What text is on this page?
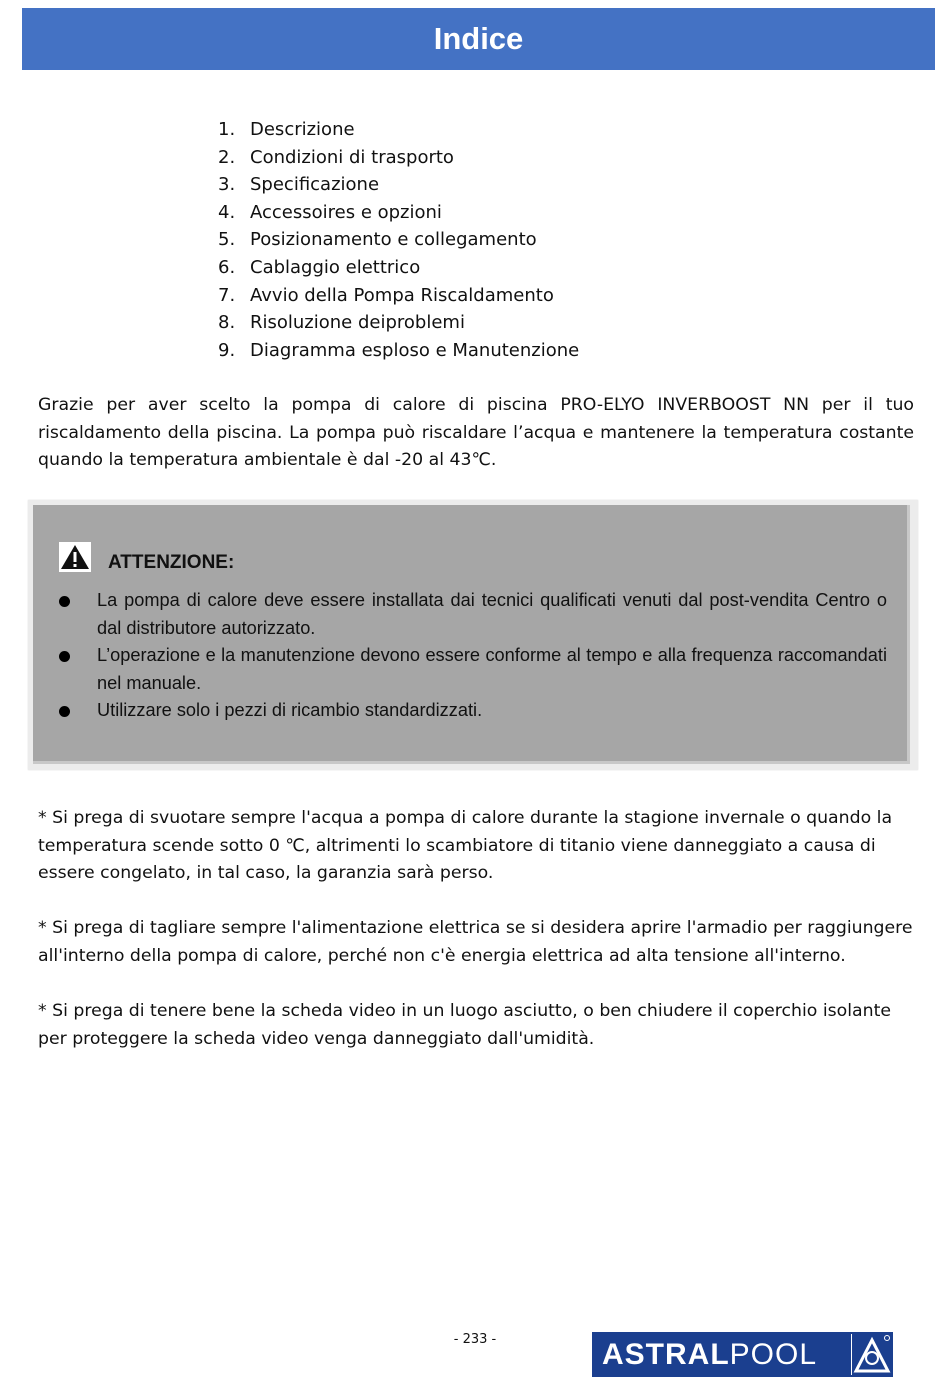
Indice
1. Descrizione
2. Condizioni di trasporto
3. Specificazione
4. Accessoires e opzioni
5. Posizionamento e collegamento
6. Cablaggio elettrico
7. Avvio della Pompa Riscaldamento
8. Risoluzione deiproblemi
9. Diagramma esploso e Manutenzione

Grazie per aver scelto la pompa di calore di piscina PRO-ELYO INVERBOOST NN per il tuo riscaldamento della piscina. La pompa può riscaldare l’acqua e mantenere la temperatura costante quando la temperatura ambientale è dal -20 al 43℃.

ATTENZIONE:
La pompa di calore deve essere installata dai tecnici qualificati venuti dal post-vendita Centro o dal distributore autorizzato.
L’operazione e la manutenzione devono essere conforme al tempo e alla frequenza raccomandati nel manuale.
Utilizzare solo i pezzi di ricambio standardizzati.

* Si prega di svuotare sempre l'acqua a pompa di calore durante la stagione invernale o quando la temperatura scende sotto 0 ℃, altrimenti lo scambiatore di titanio viene danneggiato a causa di essere congelato, in tal caso, la garanzia sarà perso.

* Si prega di tagliare sempre l'alimentazione elettrica se si desidera aprire l'armadio per raggiungere all'interno della pompa di calore, perché non c'è energia elettrica ad alta tensione all'interno.

* Si prega di tenere bene la scheda video in un luogo asciutto, o ben chiudere il coperchio isolante per proteggere la scheda video venga danneggiato dall'umidità.

- 233 -	ASTRALPOOL
